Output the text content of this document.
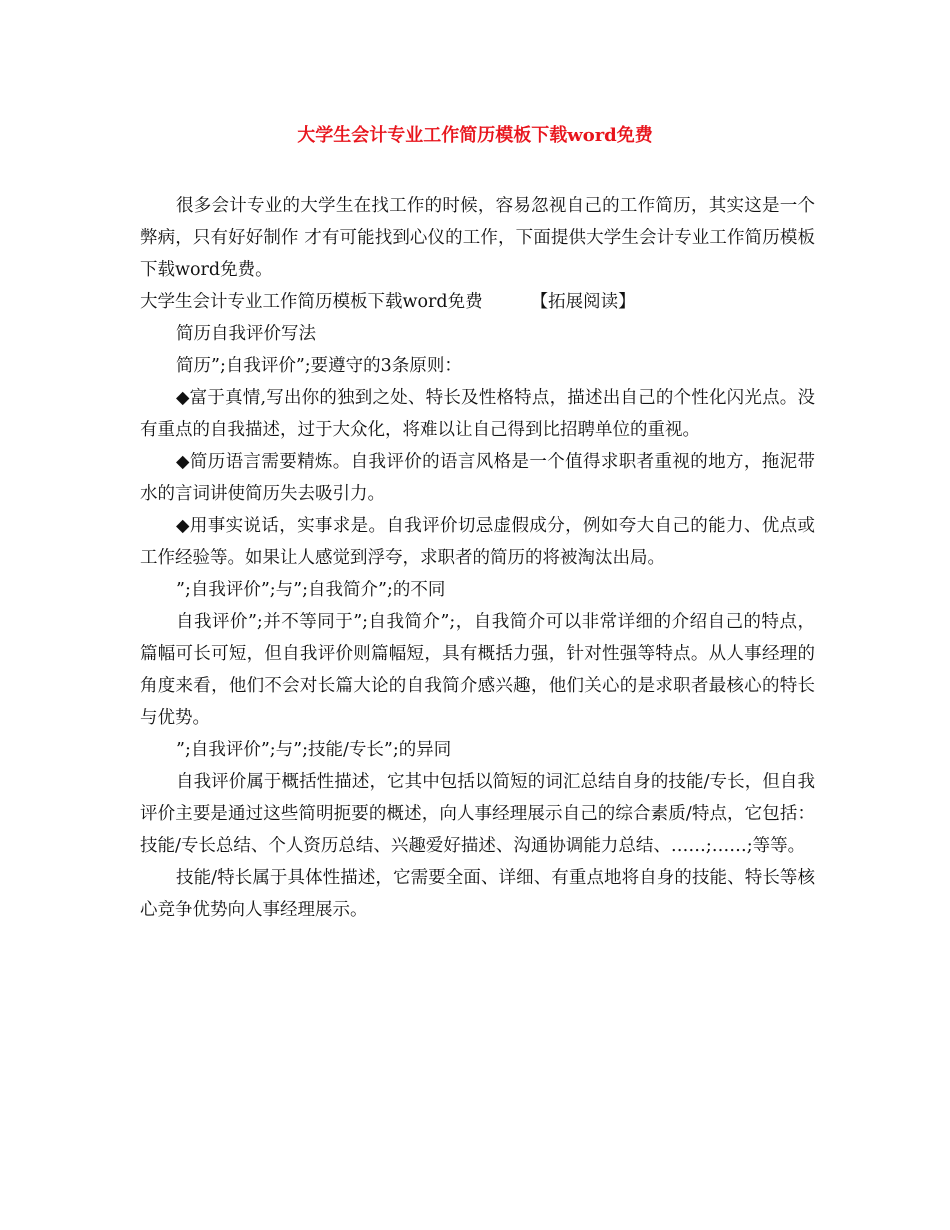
大学生会计专业工作简历模板下载word免费

很多会计专业的大学生在找工作的时候，容易忽视自己的工作简历，其实这是一个弊病，只有好好制作 才有可能找到心仪的工作，下面提供大学生会计专业工作简历模板下载word免费。

大学生会计专业工作简历模板下载word免费	【拓展阅读】

简历自我评价写法

简历”;自我评价”;要遵守的3条原则：

◆富于真情,写出你的独到之处、特长及性格特点，描述出自己的个性化闪光点。没有重点的自我描述，过于大众化，将难以让自己得到比招聘单位的重视。

◆简历语言需要精炼。自我评价的语言风格是一个值得求职者重视的地方，拖泥带水的言词讲使简历失去吸引力。

◆用事实说话，实事求是。自我评价切忌虚假成分，例如夸大自己的能力、优点或工作经验等。如果让人感觉到浮夸，求职者的简历的将被淘汰出局。

”;自我评价”;与”;自我简介”;的不同

自我评价”;并不等同于”;自我简介”;，自我简介可以非常详细的介绍自己的特点，篇幅可长可短，但自我评价则篇幅短，具有概括力强，针对性强等特点。从人事经理的角度来看，他们不会对长篇大论的自我简介感兴趣，他们关心的是求职者最核心的特长与优势。

”;自我评价”;与”;技能/专长”;的异同

自我评价属于概括性描述，它其中包括以简短的词汇总结自身的技能/专长，但自我评价主要是通过这些简明扼要的概述，向人事经理展示自己的综合素质/特点，它包括：技能/专长总结、个人资历总结、兴趣爱好描述、沟通协调能力总结、……;……;等等。

技能/特长属于具体性描述，它需要全面、详细、有重点地将自身的技能、特长等核心竞争优势向人事经理展示。
